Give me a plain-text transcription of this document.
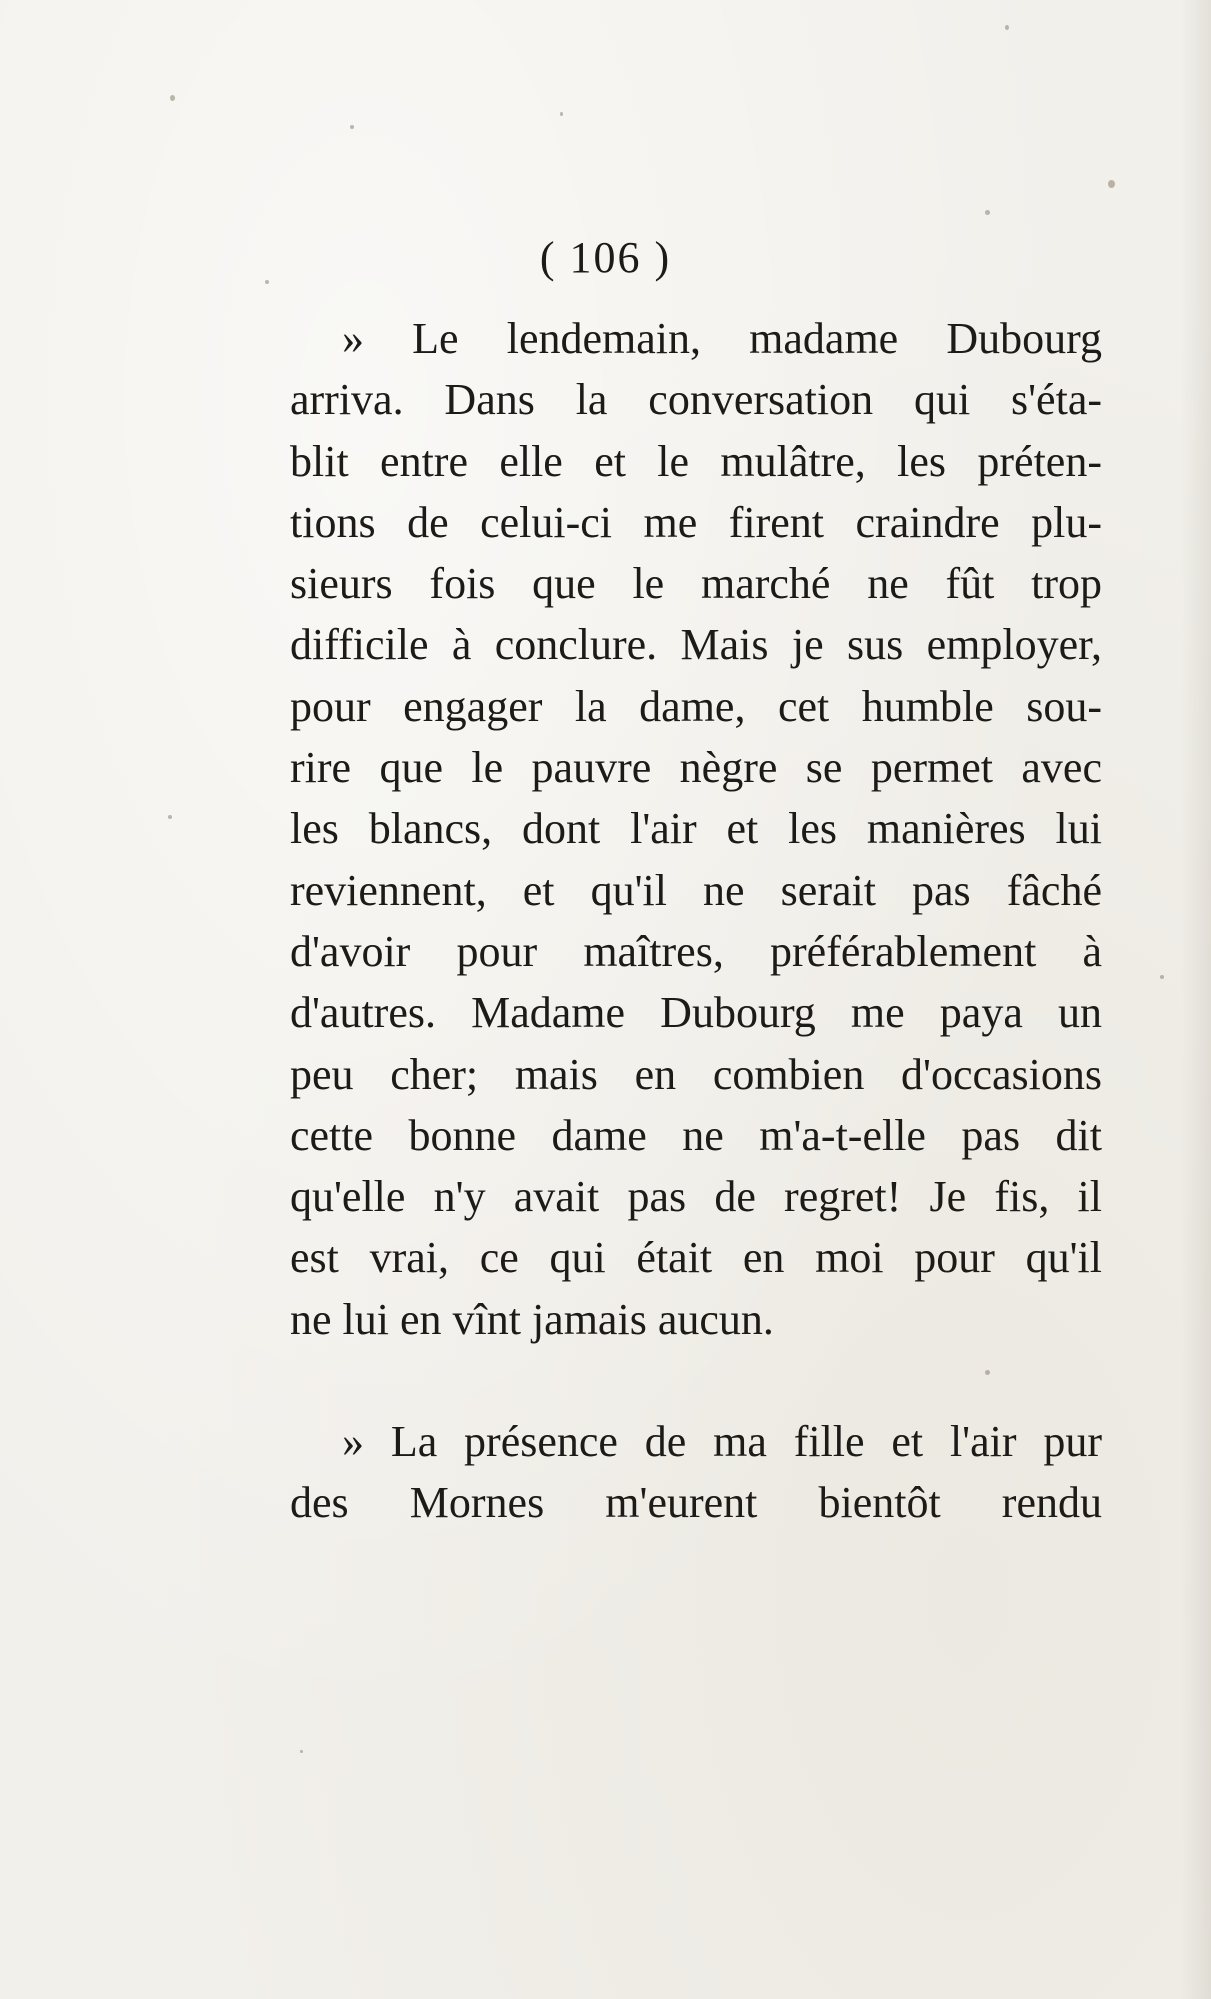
( 106 )
» Le lendemain, madame Dubourg
arriva. Dans la conversation qui s'éta-
blit entre elle et le mulâtre, les préten-
tions de celui-ci me firent craindre plu-
sieurs fois que le marché ne fût trop
difficile à conclure. Mais je sus employer,
pour engager la dame, cet humble sou-
rire que le pauvre nègre se permet avec
les blancs, dont l'air et les manières lui
reviennent, et qu'il ne serait pas fâché
d'avoir pour maîtres, préférablement à
d'autres. Madame Dubourg me paya un
peu cher; mais en combien d'occasions
cette bonne dame ne m'a-t-elle pas dit
qu'elle n'y avait pas de regret! Je fis, il
est vrai, ce qui était en moi pour qu'il
ne lui en vînt jamais aucun.
» La présence de ma fille et l'air pur
des Mornes m'eurent bientôt rendu
